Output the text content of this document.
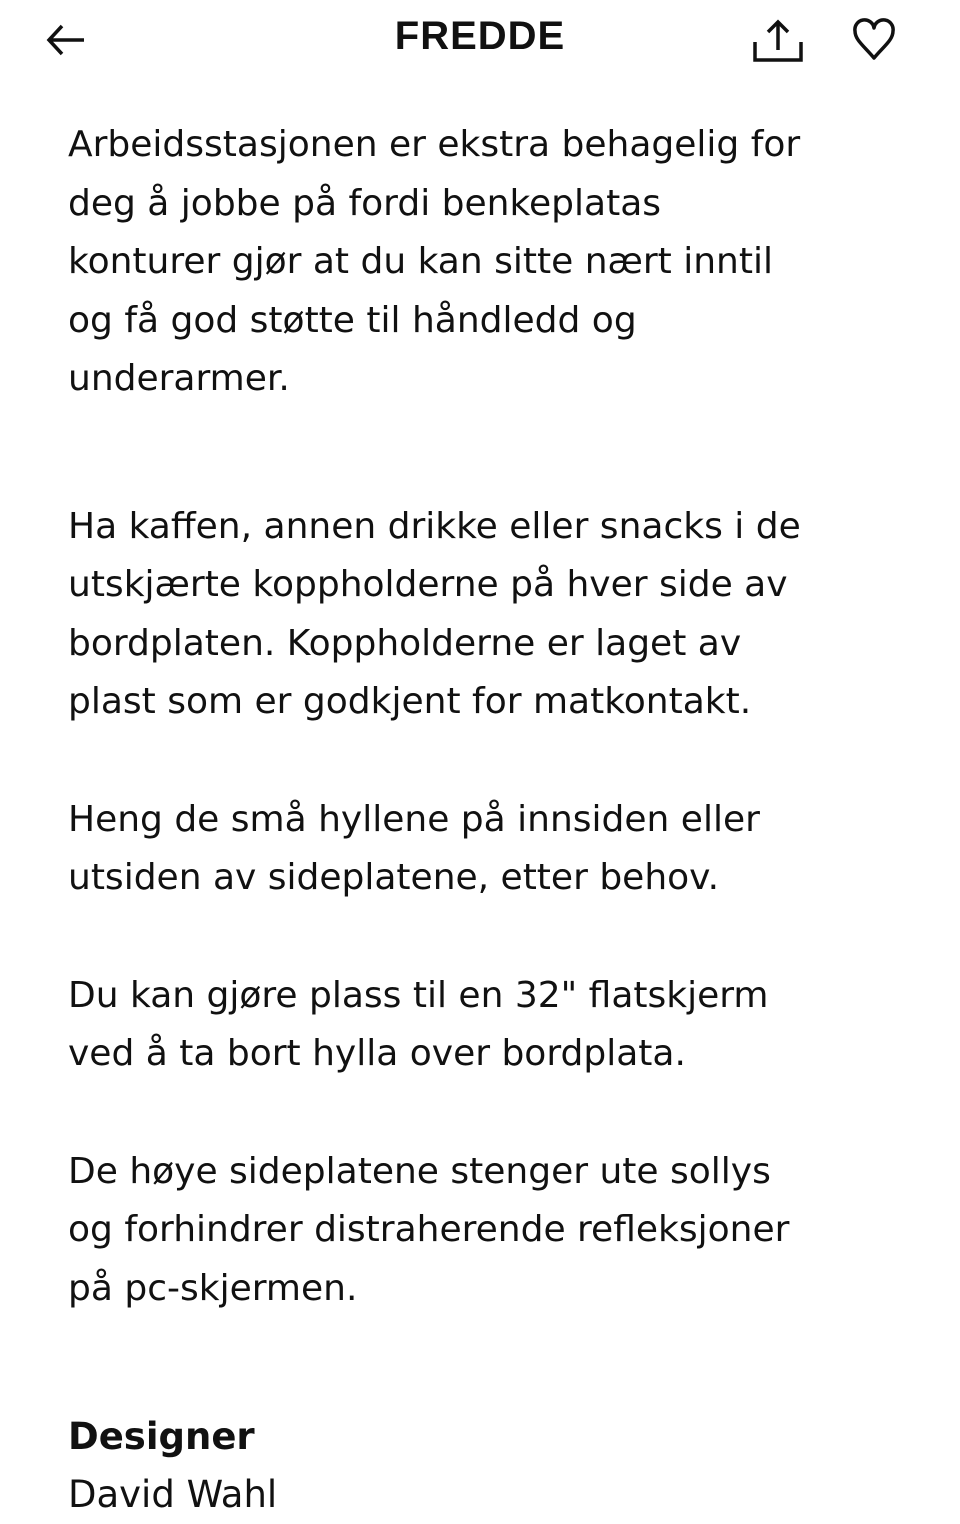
FREDDE

Arbeidsstasjonen er ekstra behagelig for
deg å jobbe på fordi benkeplatas
konturer gjør at du kan sitte nært inntil
og få god støtte til håndledd og
underarmer.

Ha kaffen, annen drikke eller snacks i de
utskjærte koppholderne på hver side av
bordplaten. Koppholderne er laget av
plast som er godkjent for matkontakt.

Heng de små hyllene på innsiden eller
utsiden av sideplatene, etter behov.

Du kan gjøre plass til en 32" flatskjerm
ved å ta bort hylla over bordplata.

De høye sideplatene stenger ute sollys
og forhindrer distraherende refleksjoner
på pc-skjermen.

Designer
David Wahl
